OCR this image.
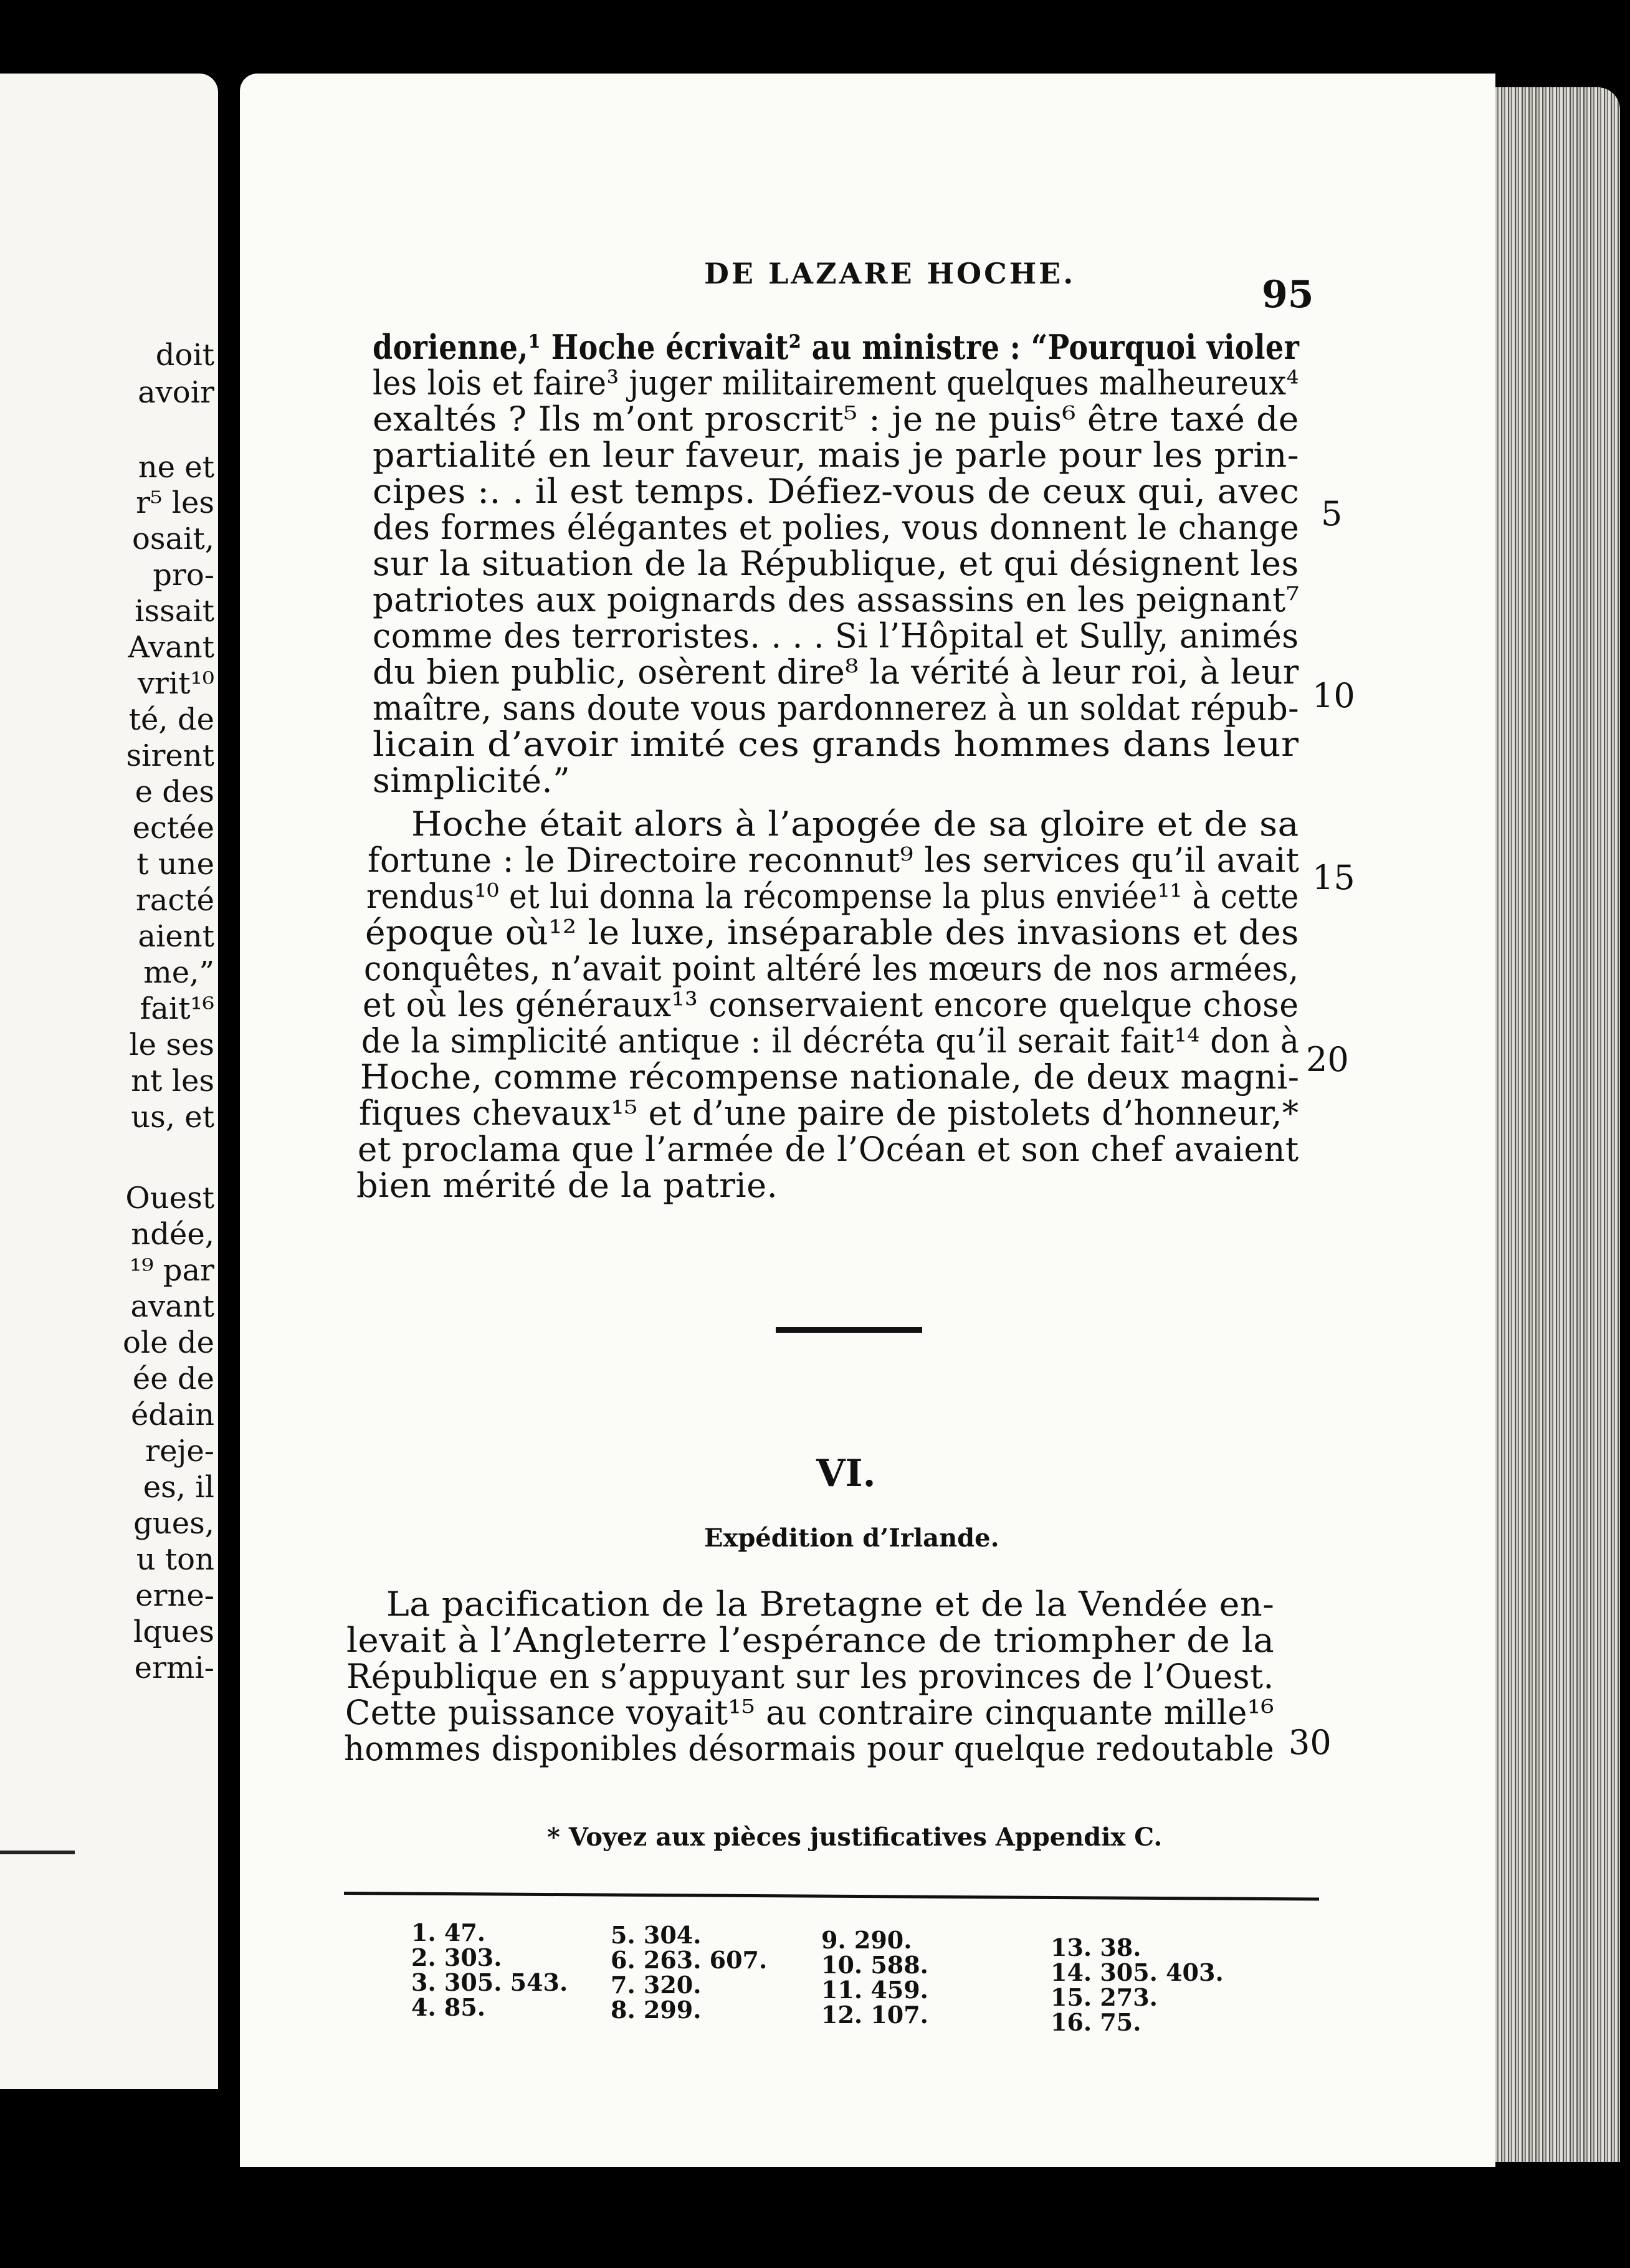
doit
avoir
ne et
r⁵ les
osait,
pro-
issait
Avant
vrit¹⁰
té, de
sirent
e des
ectée
t une
racté
aient
me,”
fait¹⁶
le ses
nt les
us, et
Ouest
ndée,
¹⁹ par
avant
ole de
ée de
édain
reje-
es, il
gues,
u ton
erne-
lques
ermi-
DE LAZARE HOCHE.	95
dorienne,¹ Hoche écrivait² au ministre : “Pourquoi violer
les lois et faire³ juger militairement quelques malheureux⁴
exaltés ? Ils m’ont proscrit⁵ : je ne puis⁶ être taxé de
partialité en leur faveur, mais je parle pour les prin-
cipes :. . il est temps. Défiez-vous de ceux qui, avec
des formes élégantes et polies, vous donnent le change
sur la situation de la République, et qui désignent les
patriotes aux poignards des assassins en les peignant⁷
comme des terroristes. . . . Si l’Hôpital et Sully, animés
du bien public, osèrent dire⁸ la vérité à leur roi, à leur
maître, sans doute vous pardonnerez à un soldat répub-
licain d’avoir imité ces grands hommes dans leur
simplicité.”
Hoche était alors à l’apogée de sa gloire et de sa
fortune : le Directoire reconnut⁹ les services qu’il avait
rendus¹⁰ et lui donna la récompense la plus enviée¹¹ à cette
époque où¹² le luxe, inséparable des invasions et des
conquêtes, n’avait point altéré les mœurs de nos armées,
et où les généraux¹³ conservaient encore quelque chose
de la simplicité antique : il décréta qu’il serait fait¹⁴ don à
Hoche, comme récompense nationale, de deux magni-
fiques chevaux¹⁵ et d’une paire de pistolets d’honneur,*
et proclama que l’armée de l’Océan et son chef avaient
bien mérité de la patrie.
5
10
15
20
30
VI.
Expédition d’Irlande.
La pacification de la Bretagne et de la Vendée en-
levait à l’Angleterre l’espérance de triompher de la
République en s’appuyant sur les provinces de l’Ouest.
Cette puissance voyait¹⁵ au contraire cinquante mille¹⁶
hommes disponibles désormais pour quelque redoutable
* Voyez aux pièces justificatives Appendix C.
1. 47.
2. 303.
3. 305. 543.
4. 85.
5. 304.
6. 263. 607.
7. 320.
8. 299.
9. 290.
10. 588.
11. 459.
12. 107.
13. 38.
14. 305. 403.
15. 273.
16. 75.
